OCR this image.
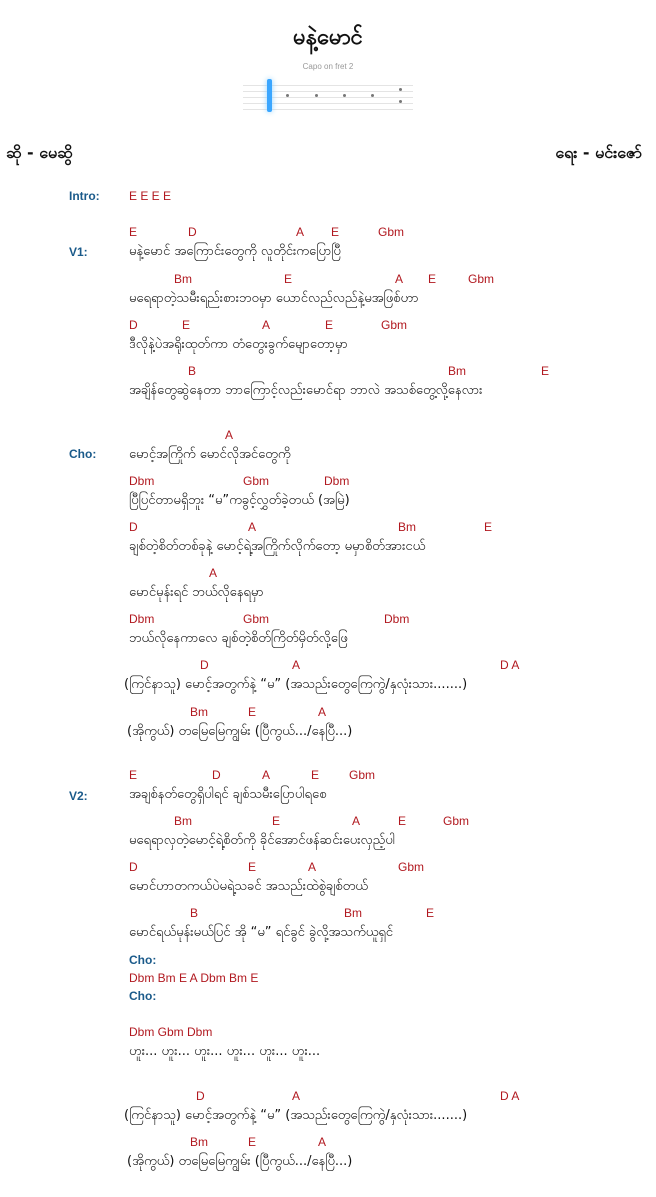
မနဲ့မောင်
Capo on fret 2
ဆို - မေဆွိ	ရေး - မင်းဇော်
Intro: E E E E
V1:
E	D	A E	Gbm
မနဲ့မောင် အကြောင်းတွေကို လူတိုင်းကပြောပြီ
Bm	E	A E	Gbm
မရေရာတဲ့သမီးရည်းစားဘဝမှာ ယောင်လည်လည်နဲ့မအဖြစ်ဟာ
D	E	A	E	Gbm
ဒီလိုနဲ့ပဲအရိုးထုတ်ကာ တံတွေးခွက်မျောတော့မှာ
B	Bm	E
အချိန်တွေဆွဲနေတာ ဘာကြောင့်လည်းမောင်ရာ ဘာလဲ အသစ်တွေ့လို့နေလား
Cho:
A
မောင့်အကြိုက် မောင်လိုအင်တွေကို
Dbm	Gbm	Dbm
ပြီပြင်တာမရှိဘူး “မ”ကခွင့်လွှတ်ခဲ့တယ် (အမြဲ)
D	A	Bm	E
ချစ်တဲ့စိတ်တစ်ခုနဲ့ မောင့်ရဲ့အကြိုက်လိုက်တော့ မမှာစိတ်အားငယ်
A
မောင်မုန်းရင် ဘယ်လိုနေရမှာ
Dbm	Gbm	Dbm
ဘယ်လိုနေကာလေ ချစ်တဲ့စိတ်ကြိတ်မှိတ်လို့ဖြေ
D	A	D A
(ကြင်နာသူ) မောင့်အတွက်နဲ့ “မ” (အသည်းတွေကြေကွဲ/နှလုံးသား.......)
Bm	E	A
(အိုကွယ်) တမြေမြေကျွမ်း (ပြီကွယ်.../နေပြီ...)
V2:
E	D	A	E Gbm
အချစ်နတ်တွေရှိပါရင် ချစ်သမီးပြောပါရစေ
Bm	E	A	E	Gbm
မရေရာလှတဲ့မောင့်ရဲ့စိတ်ကို ခိုင်အောင်ဖန်ဆင်းပေးလှည့်ပါ
D	E	A	Gbm
မောင်ဟာတကယ်ပဲမရဲ့သခင် အသည်းထဲစွဲချစ်တယ်
B	Bm	E
မောင်ရယ်မုန်းမယ်ပြင် အို “မ” ရင်ခွင် ခွဲလို့အသက်ယူရှင်
Cho:
Dbm Bm E A Dbm Bm E
Cho:
Dbm Gbm Dbm
ဟူး... ဟူး... ဟူး... ဟူး... ဟူး... ဟူး...
D	A	D A
(ကြင်နာသူ) မောင့်အတွက်နဲ့ “မ” (အသည်းတွေကြေကွဲ/နှလုံးသား.......)
Bm	E	A
(အိုကွယ်) တမြေမြေကျွမ်း (ပြီကွယ်.../နေပြီ...)
